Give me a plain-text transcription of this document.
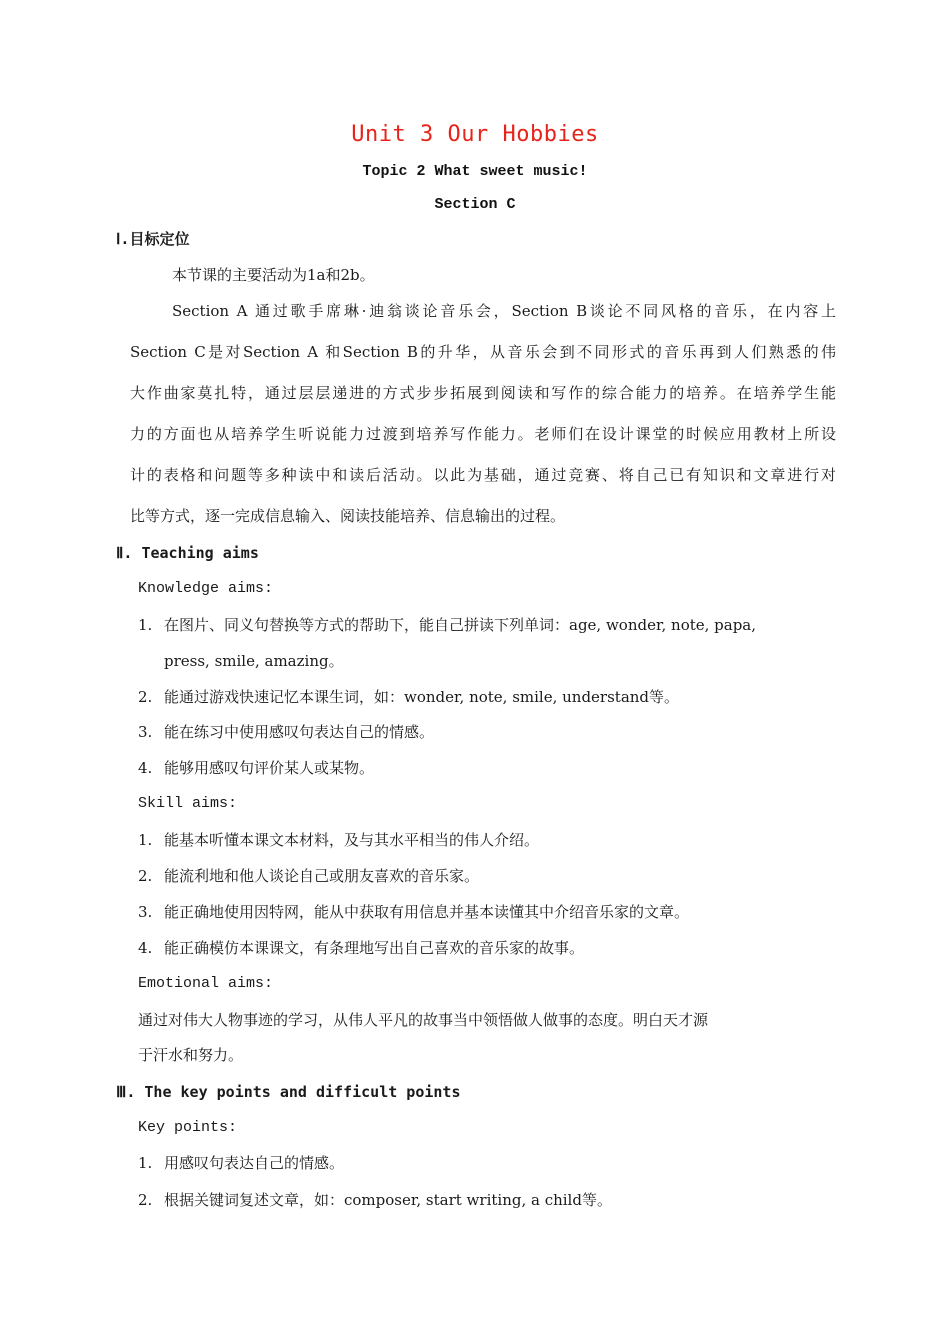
Unit 3 Our Hobbies
Topic 2 What sweet music!
Section C
Ⅰ.目标定位
本节课的主要活动为1a和2b。
Section A 通过歌手席琳·迪翁谈论音乐会，Section B谈论不同风格的音乐，在内容上
Section C是对Section A 和Section B的升华，从音乐会到不同形式的音乐再到人们熟悉的伟
大作曲家莫扎特，通过层层递进的方式步步拓展到阅读和写作的综合能力的培养。在培养学生能
力的方面也从培养学生听说能力过渡到培养写作能力。老师们在设计课堂的时候应用教材上所设
计的表格和问题等多种读中和读后活动。以此为基础，通过竞赛、将自己已有知识和文章进行对
比等方式，逐一完成信息输入、阅读技能培养、信息输出的过程。
Ⅱ. Teaching aims
Knowledge aims:
1. 在图片、同义句替换等方式的帮助下，能自己拼读下列单词：age, wonder, note, papa,
press, smile, amazing。
2. 能通过游戏快速记忆本课生词，如：wonder, note, smile, understand等。
3. 能在练习中使用感叹句表达自己的情感。
4. 能够用感叹句评价某人或某物。
Skill aims:
1. 能基本听懂本课文本材料，及与其水平相当的伟人介绍。
2. 能流利地和他人谈论自己或朋友喜欢的音乐家。
3. 能正确地使用因特网，能从中获取有用信息并基本读懂其中介绍音乐家的文章。
4. 能正确模仿本课课文，有条理地写出自己喜欢的音乐家的故事。
Emotional aims:
通过对伟大人物事迹的学习，从伟人平凡的故事当中领悟做人做事的态度。明白天才源
于汗水和努力。
Ⅲ. The key points and difficult points
Key points:
1. 用感叹句表达自己的情感。
2. 根据关键词复述文章，如：composer, start writing, a child等。
